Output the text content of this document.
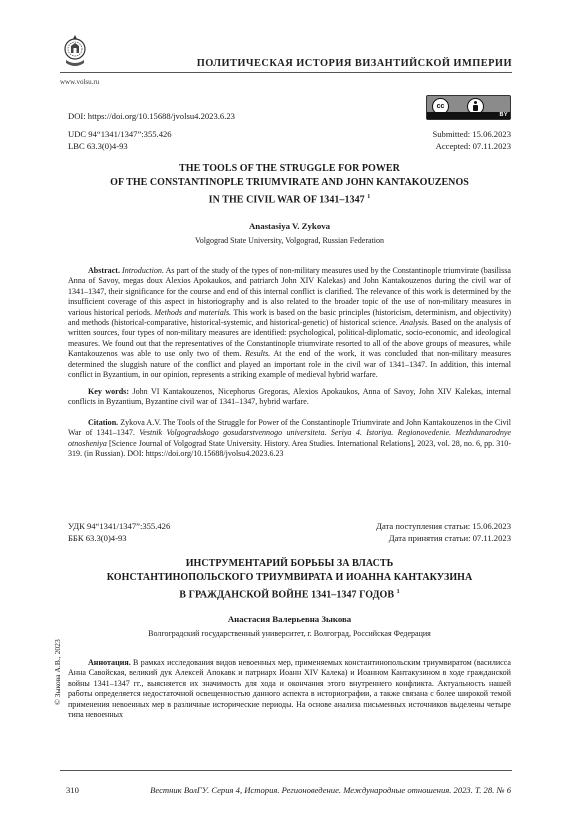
www.volsu.ru
ПОЛИТИЧЕСКАЯ ИСТОРИЯ ВИЗАНТИЙСКОЙ ИМПЕРИИ
DOI: https://doi.org/10.15688/jvolsu4.2023.6.23
cc
BY
UDC 94“1341/1347”:355.426
LBC 63.3(0)4-93
Submitted: 15.06.2023
Accepted: 07.11.2023
THE TOOLS OF THE STRUGGLE FOR POWER
OF THE CONSTANTINOPLE TRIUMVIRATE AND JOHN KANTAKOUZENOS
IN THE CIVIL WAR OF 1341–1347 $^1$
Anastasiya V. Zykova
Volgograd State University, Volgograd, Russian Federation
Abstract. Introduction. As part of the study of the types of non-military measures used by the Constantinople triumvirate (basilissa Anna of Savoy, megas doux Alexios Apokaukos, and patriarch John XIV Kalekas) and John Kantakouzenos during the civil war of 1341–1347, their significance for the course and end of this internal conflict is clarified. The relevance of this work is determined by the insufficient coverage of this aspect in historiography and is also related to the broader topic of the use of non-military measures in various historical periods. Methods and materials. This work is based on the basic principles (historicism, determinism, and objectivity) and methods (historical-comparative, historical-systemic, and historical-genetic) of historical science. Analysis. Based on the analysis of written sources, four types of non-military measures are identified: psychological, political-diplomatic, socio-economic, and ideological measures. We found out that the representatives of the Constantinople triumvirate resorted to all of the above groups of measures, while Kantakouzenos was able to use only two of them. Results. At the end of the work, it was concluded that non-military measures determined the sluggish nature of the conflict and played an important role in the civil war of 1341–1347. In addition, this internal conflict in Byzantium, in our opinion, represents a striking example of medieval hybrid warfare.
Key words: John VI Kantakouzenos, Nicephorus Gregoras, Alexios Apokaukos, Anna of Savoy, John XIV Kalekas, internal conflicts in Byzantium, Byzantine civil war of 1341–1347, hybrid warfare.
Citation. Zykova A.V. The Tools of the Struggle for Power of the Constantinople Triumvirate and John Kantakouzenos in the Civil War of 1341–1347. Vestnik Volgogradskogo gosudarstvennogo universiteta. Seriya 4. Istoriya. Regionovedenie. Mezhdunarodnye otnosheniya [Science Journal of Volgograd State University. History. Area Studies. International Relations], 2023, vol. 28, no. 6, pp. 310-319. (in Russian). DOI: https://doi.org/10.15688/jvolsu4.2023.6.23
УДК 94“1341/1347”:355.426
ББК 63.3(0)4-93
Дата поступления статьи: 15.06.2023
Дата принятия статьи: 07.11.2023
ИНСТРУМЕНТАРИЙ БОРЬБЫ ЗА ВЛАСТЬ
КОНСТАНТИНОПОЛЬСКОГО ТРИУМВИРАТА И ИОАННА КАНТАКУЗИНА
В ГРАЖДАНСКОЙ ВОЙНЕ 1341–1347 ГОДОВ $^1$
Анастасия Валерьевна Зыкова
Волгоградский государственный университет, г. Волгоград, Российская Федерация
Аннотация. В рамках исследования видов невоенных мер, применяемых константинопольским триумвиратом (василисса Анна Савойская, великий дук Алексей Апокавк и патриарх Иоанн XIV Калека) и Иоанном Кантакузином в ходе гражданской войны 1341–1347 гг., выясняется их значимость для хода и окончания этого внутреннего конфликта. Актуальность нашей работы определяется недостаточной освещенностью данного аспекта в историографии, а также связана с более широкой темой применения невоенных мер в различные исторические периоды. На основе анализа письменных источников выделены четыре типа невоенных
© Зыкова А.В., 2023
310	Вестник ВолГУ. Серия 4, История. Регионоведение. Международные отношения. 2023. Т. 28. № 6
